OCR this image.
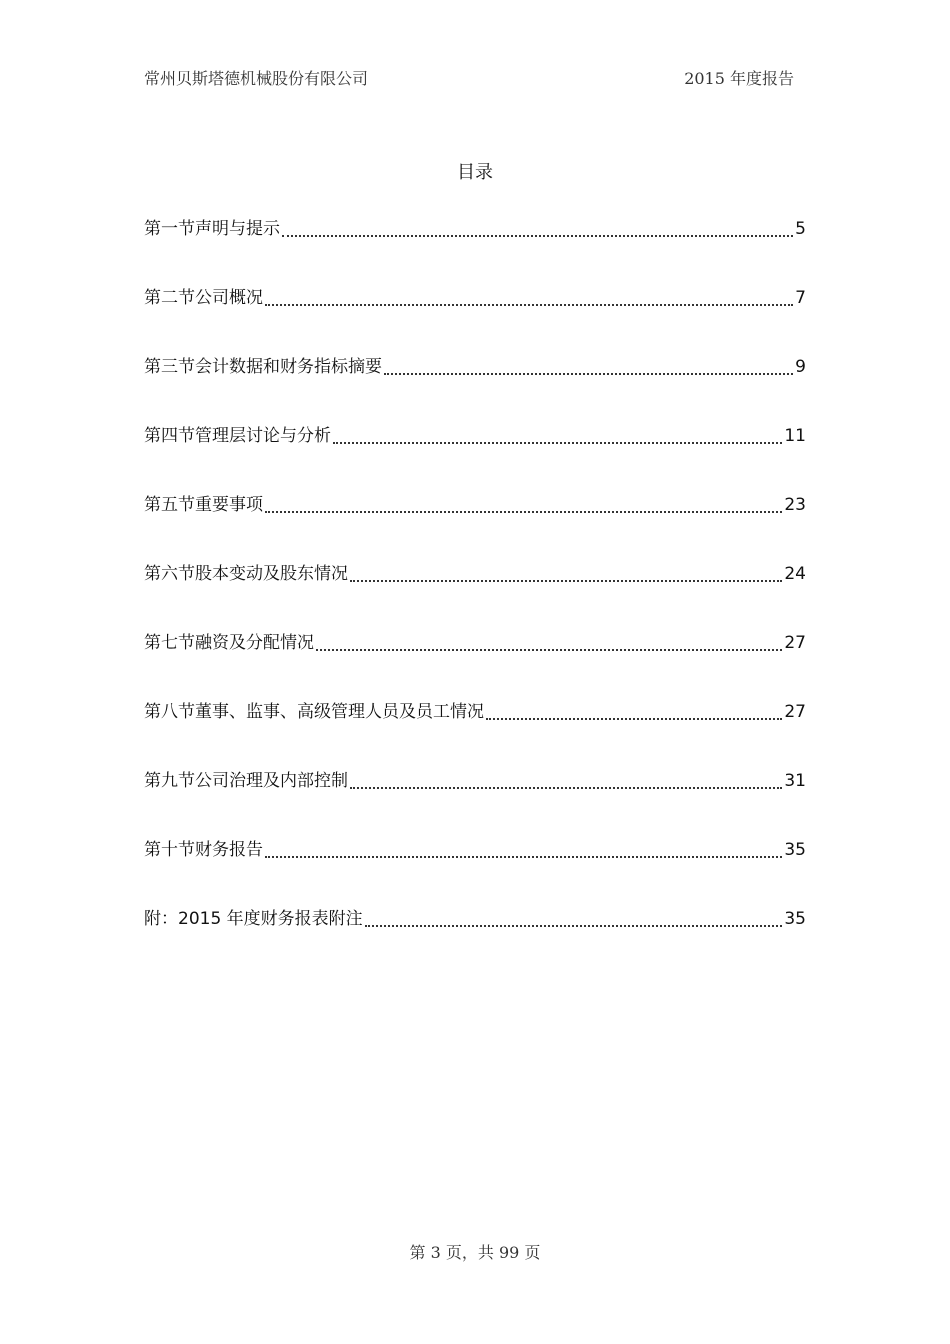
常州贝斯塔德机械股份有限公司	2015 年度报告
目录
第一节声明与提示	5
第二节公司概况	7
第三节会计数据和财务指标摘要	9
第四节管理层讨论与分析	11
第五节重要事项	23
第六节股本变动及股东情况	24
第七节融资及分配情况	27
第八节董事、监事、高级管理人员及员工情况	27
第九节公司治理及内部控制	31
第十节财务报告	35
附：2015 年度财务报表附注	35
第 3 页，共 99 页
